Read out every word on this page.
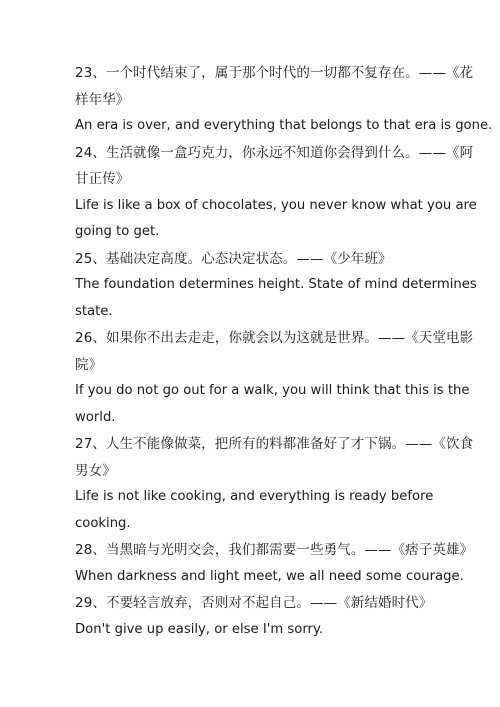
23、一个时代结束了，属于那个时代的一切都不复存在。——《花
样年华》
An era is over, and everything that belongs to that era is gone.
24、生活就像一盒巧克力，你永远不知道你会得到什么。——《阿
甘正传》
Life is like a box of chocolates, you never know what you are
going to get.
25、基础决定高度。心态决定状态。——《少年班》
The foundation determines height. State of mind determines
state.
26、如果你不出去走走，你就会以为这就是世界。——《天堂电影
院》
If you do not go out for a walk, you will think that this is the
world.
27、人生不能像做菜，把所有的料都准备好了才下锅。——《饮食
男女》
Life is not like cooking, and everything is ready before
cooking.
28、当黑暗与光明交会，我们都需要一些勇气。——《痞子英雄》
When darkness and light meet, we all need some courage.
29、不要轻言放弃，否则对不起自己。——《新结婚时代》
Don't give up easily, or else I'm sorry.
